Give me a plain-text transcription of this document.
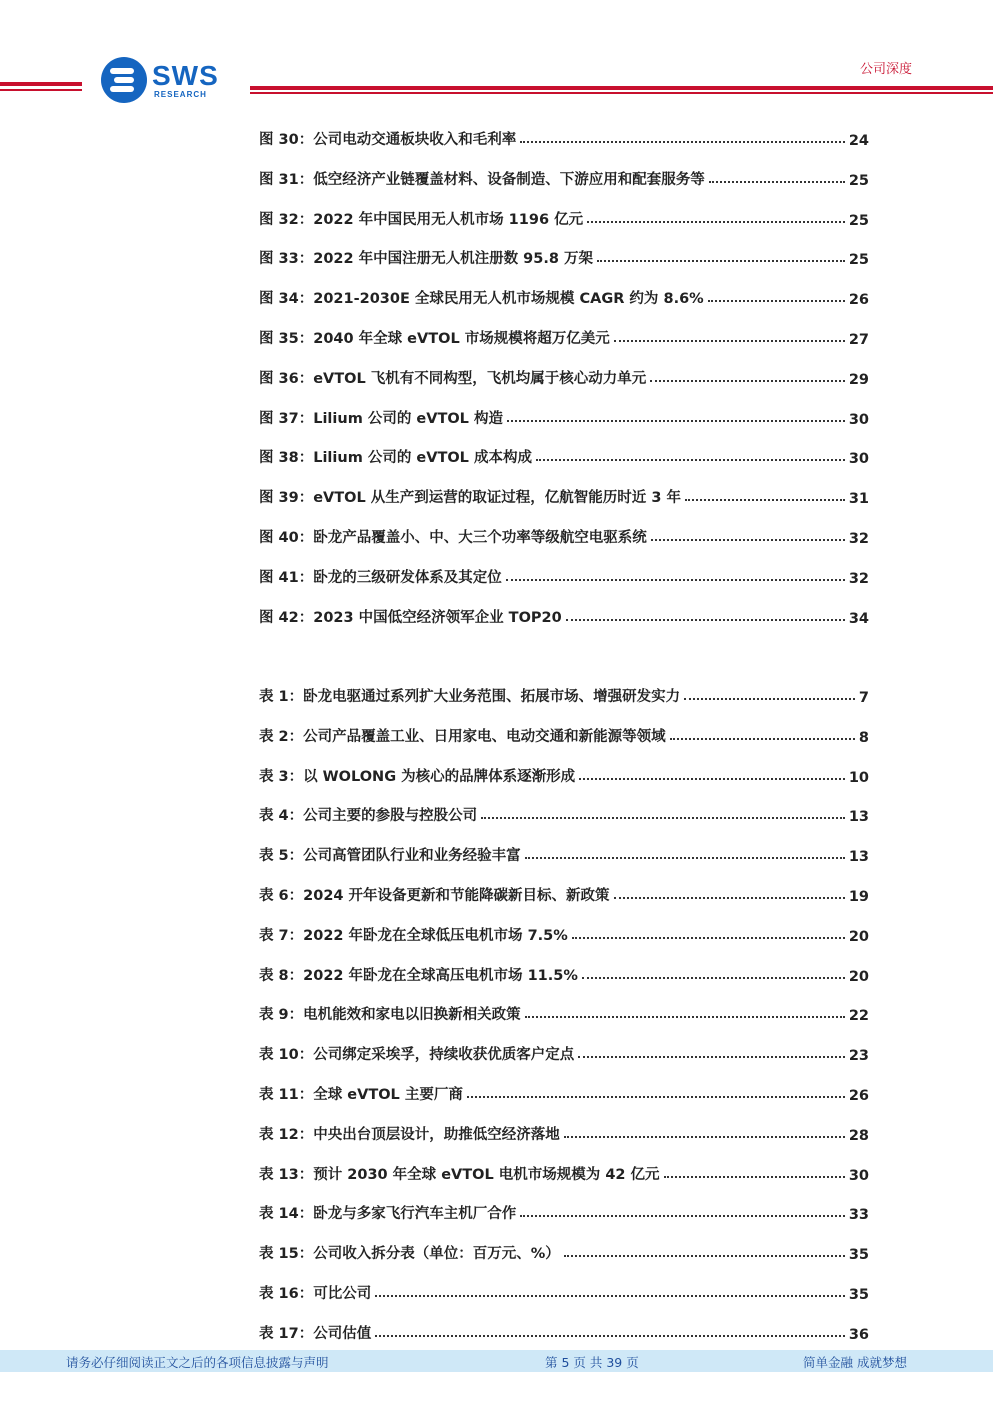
SWS
RESEARCH
公司深度
图 30：公司电动交通板块收入和毛利率	24
图 31：低空经济产业链覆盖材料、设备制造、下游应用和配套服务等	25
图 32：2022 年中国民用无人机市场 1196 亿元	25
图 33：2022 年中国注册无人机注册数 95.8 万架	25
图 34：2021-2030E 全球民用无人机市场规模 CAGR 约为 8.6%	26
图 35：2040 年全球 eVTOL 市场规模将超万亿美元	27
图 36：eVTOL 飞机有不同构型，飞机均属于核心动力单元	29
图 37：Lilium 公司的 eVTOL 构造	30
图 38：Lilium 公司的 eVTOL 成本构成	30
图 39：eVTOL 从生产到运营的取证过程，亿航智能历时近 3 年	31
图 40：卧龙产品覆盖小、中、大三个功率等级航空电驱系统	32
图 41：卧龙的三级研发体系及其定位	32
图 42：2023 中国低空经济领军企业 TOP20	34
表 1：卧龙电驱通过系列扩大业务范围、拓展市场、增强研发实力	7
表 2：公司产品覆盖工业、日用家电、电动交通和新能源等领域	8
表 3：以 WOLONG 为核心的品牌体系逐渐形成	10
表 4：公司主要的参股与控股公司	13
表 5：公司高管团队行业和业务经验丰富	13
表 6：2024 开年设备更新和节能降碳新目标、新政策	19
表 7：2022 年卧龙在全球低压电机市场 7.5%	20
表 8：2022 年卧龙在全球高压电机市场 11.5%	20
表 9：电机能效和家电以旧换新相关政策	22
表 10：公司绑定采埃孚，持续收获优质客户定点	23
表 11：全球 eVTOL 主要厂商	26
表 12：中央出台顶层设计，助推低空经济落地	28
表 13：预计 2030 年全球 eVTOL 电机市场规模为 42 亿元	30
表 14：卧龙与多家飞行汽车主机厂合作	33
表 15：公司收入拆分表（单位：百万元、%）	35
表 16：可比公司	35
表 17：公司估值	36
请务必仔细阅读正文之后的各项信息披露与声明	第 5 页 共 39 页	简单金融 成就梦想
